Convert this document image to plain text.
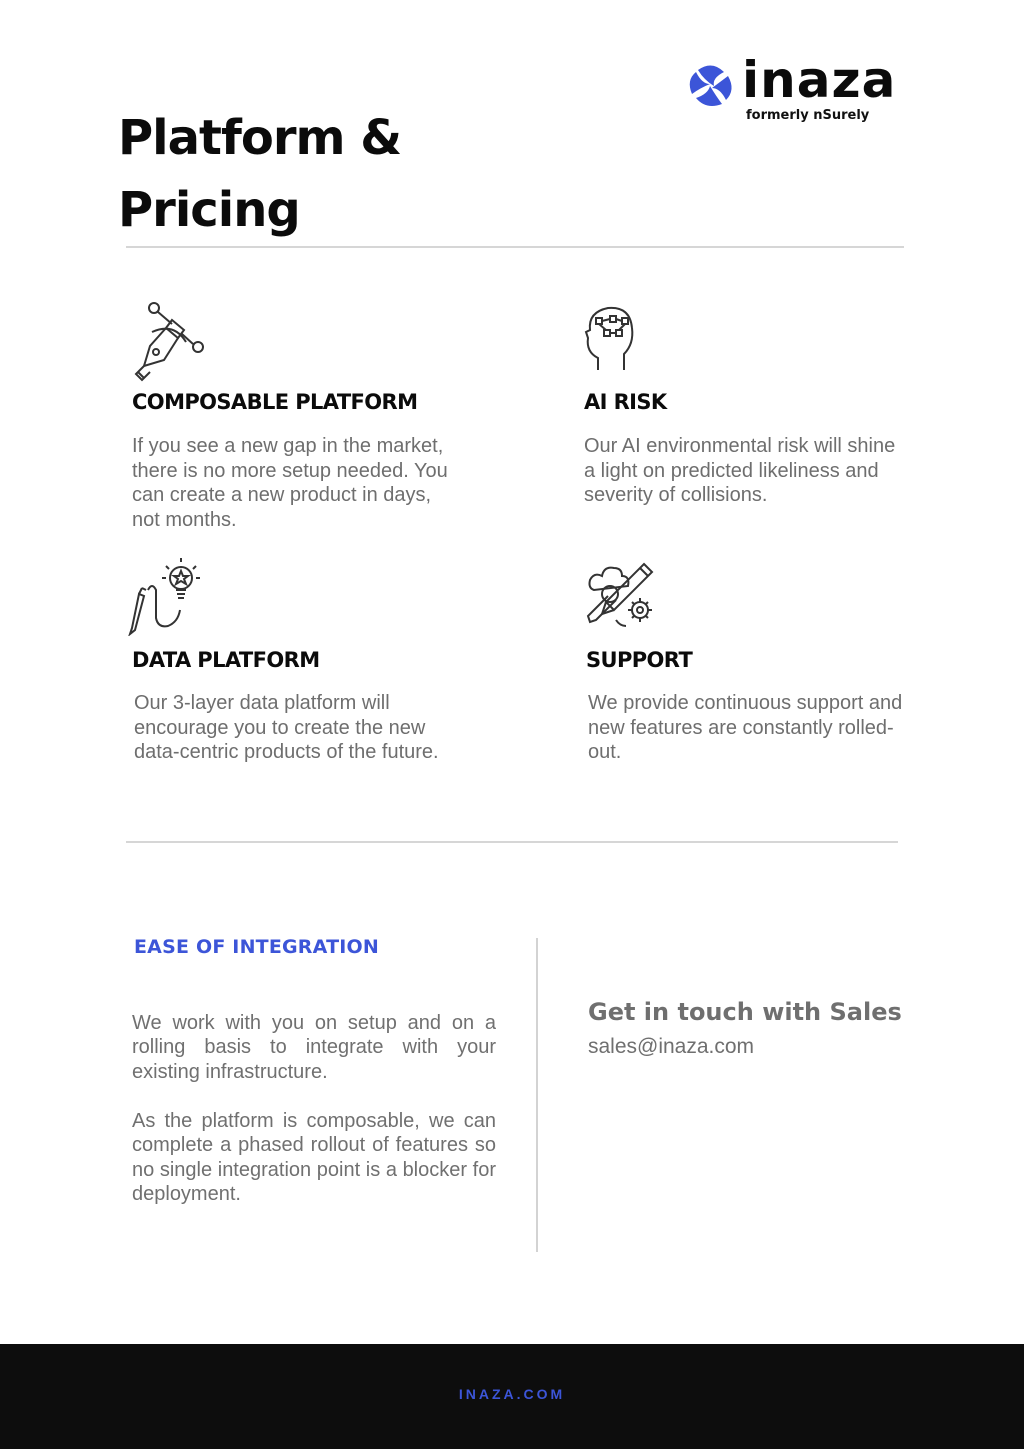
Platform &
Pricing
inaza
formerly nSurely
COMPOSABLE PLATFORM

If you see a new gap in the market, there is no more setup needed. You can create a new product in days, not months.

AI RISK

Our AI environmental risk will shine a light on predicted likeliness and severity of collisions.

DATA PLATFORM

Our 3-layer data platform will encourage you to create the new data-centric products of the future.

SUPPORT

We provide continuous support and new features are constantly rolled-out.

EASE OF INTEGRATION

We work with you on setup and on a rolling basis to integrate with your existing infrastructure.

As the platform is composable, we can complete a phased rollout of features so no single integration point is a blocker for deployment.

Get in touch with Sales
sales@inaza.com
INAZA.COM
